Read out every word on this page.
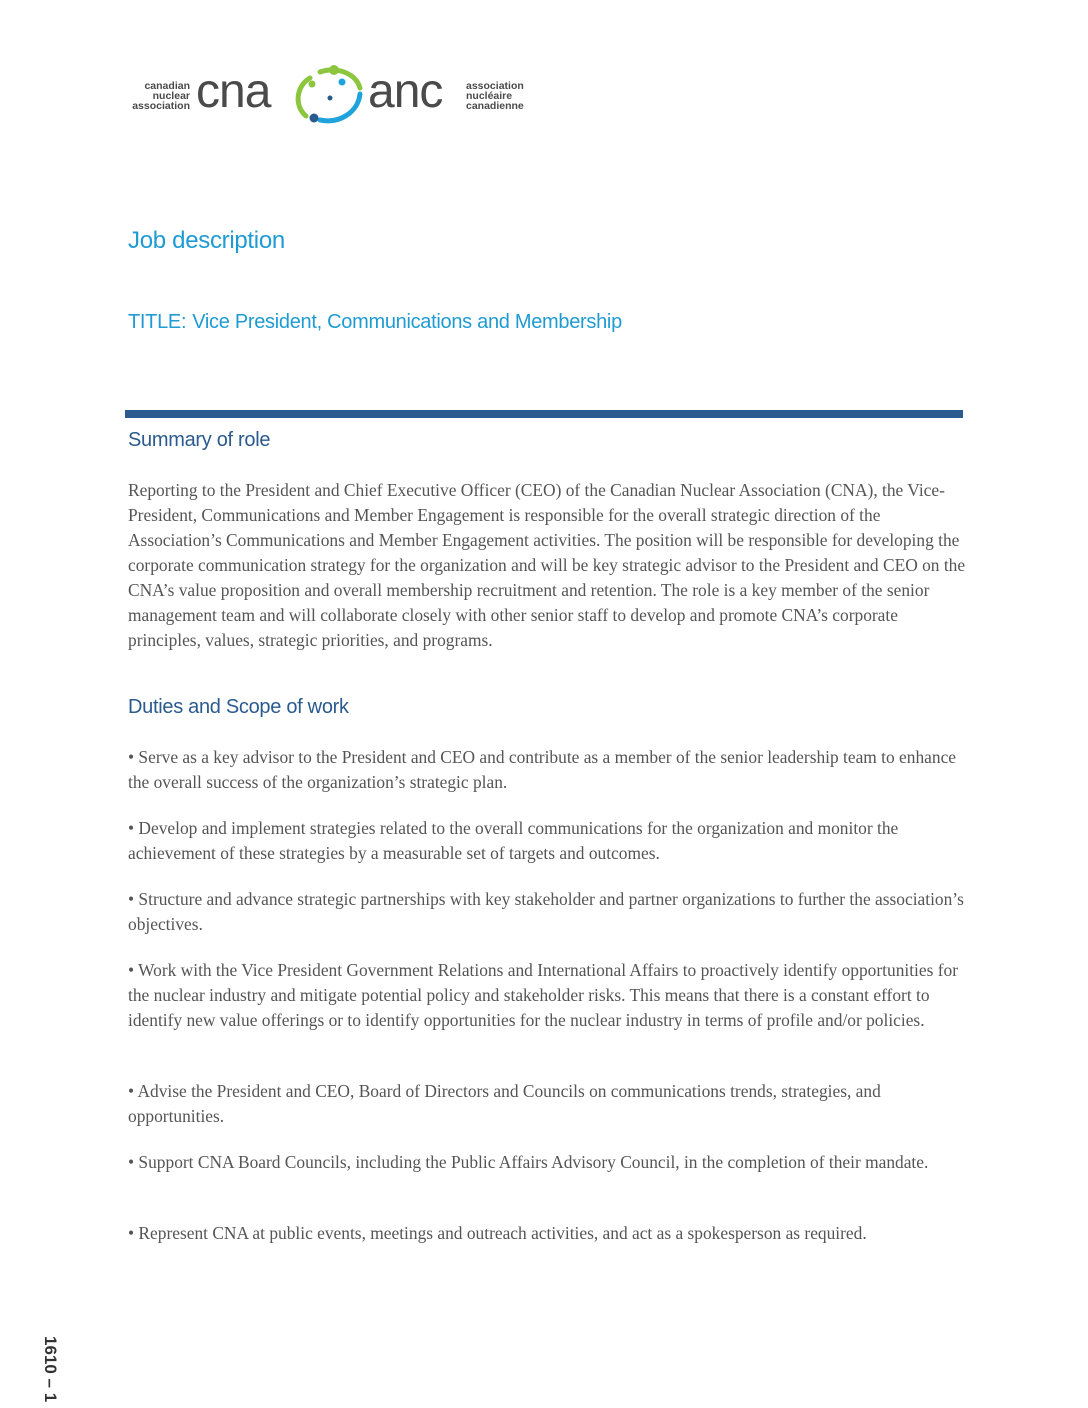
canadian
nuclear
association cna anc association
nucléaire
canadienne
Job description
TITLE: Vice President, Communications and Membership
Summary of role

Reporting to the President and Chief Executive Officer (CEO) of the Canadian Nuclear Association (CNA), the Vice-President, Communications and Member Engagement is responsible for the overall strategic direction of the Association’s Communications and Member Engagement activities. The position will be responsible for developing the corporate communication strategy for the organization and will be key strategic advisor to the President and CEO on the CNA’s value proposition and overall membership recruitment and retention. The role is a key member of the senior management team and will collaborate closely with other senior staff to develop and promote CNA’s corporate principles, values, strategic priorities, and programs.

Duties and Scope of work

• Serve as a key advisor to the President and CEO and contribute as a member of the senior leadership team to enhance the overall success of the organization’s strategic plan.

• Develop and implement strategies related to the overall communications for the organization and monitor the achievement of these strategies by a measurable set of targets and outcomes.

• Structure and advance strategic partnerships with key stakeholder and partner organizations to further the association’s objectives.

• Work with the Vice President Government Relations and International Affairs to proactively identify opportunities for the nuclear industry and mitigate potential policy and stakeholder risks. This means that there is a constant effort to identify new value offerings or to identify opportunities for the nuclear industry in terms of profile and/or policies.

• Advise the President and CEO, Board of Directors and Councils on communications trends, strategies, and opportunities.

• Support CNA Board Councils, including the Public Affairs Advisory Council, in the completion of their mandate.

• Represent CNA at public events, meetings and outreach activities, and act as a spokesperson as required.

1610 – 1
